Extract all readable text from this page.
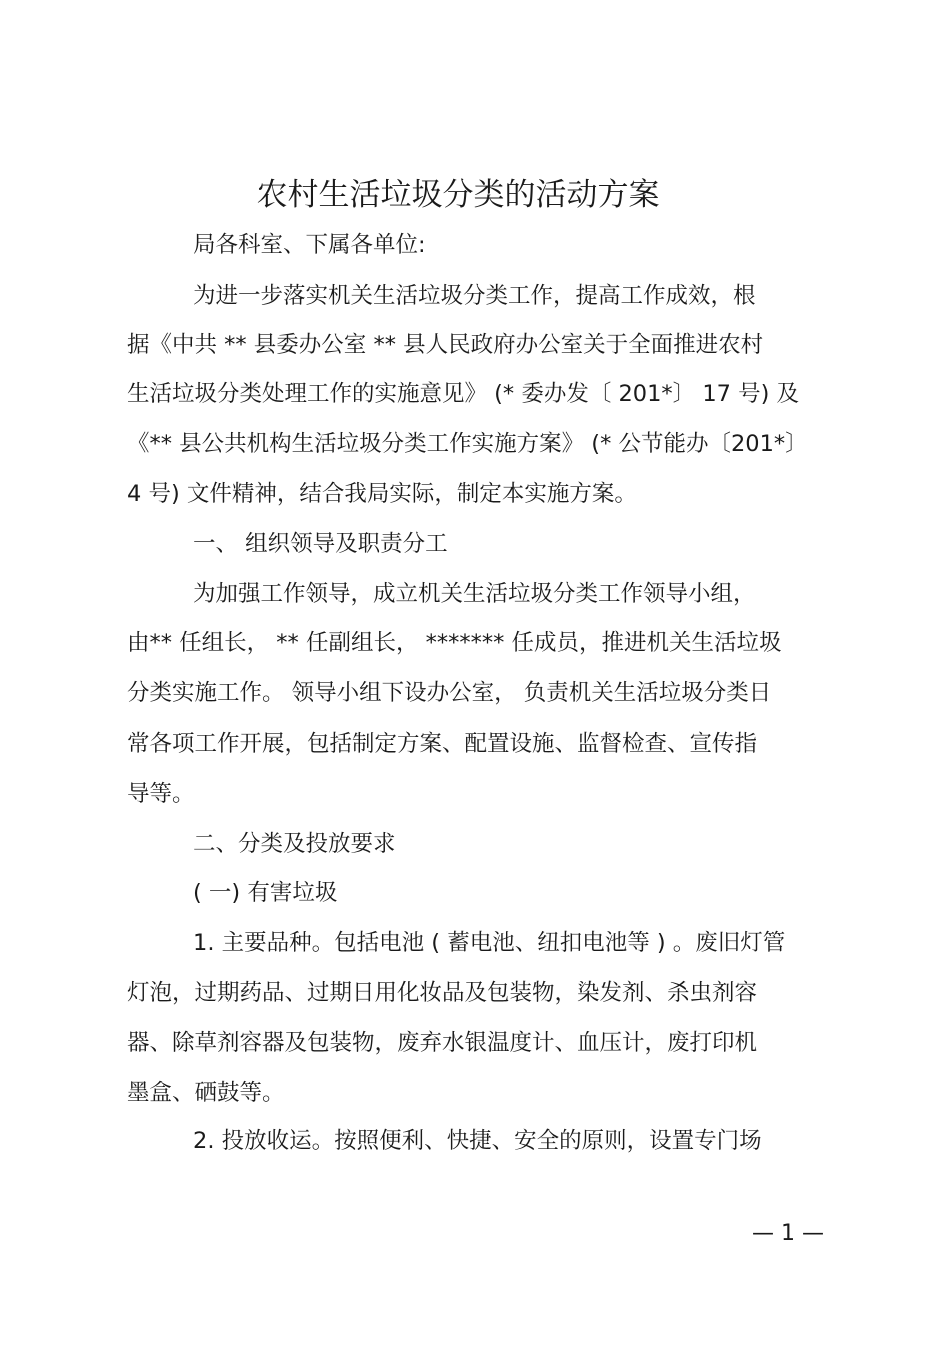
农村生活垃圾分类的活动方案
局各科室、下属各单位:
为进一步落实机关生活垃圾分类工作，提高工作成效，根
据《中共 ** 县委办公室 ** 县人民政府办公室关于全面推进农村
生活垃圾分类处理工作的实施意见》 (* 委办发〔 201*〕 17 号) 及
《** 县公共机构生活垃圾分类工作实施方案》 (* 公节能办〔201*〕
4 号) 文件精神，结合我局实际，制定本实施方案。
一、 组织领导及职责分工
为加强工作领导，成立机关生活垃圾分类工作领导小组，
由** 任组长， ** 任副组长， ******* 任成员，推进机关生活垃圾
分类实施工作。 领导小组下设办公室， 负责机关生活垃圾分类日
常各项工作开展，包括制定方案、配置设施、监督检查、宣传指
导等。
二、分类及投放要求
( 一) 有害垃圾
1. 主要品种。包括电池 ( 蓄电池、纽扣电池等 ) 。废旧灯管
灯泡，过期药品、过期日用化妆品及包装物，染发剂、杀虫剂容
器、除草剂容器及包装物，废弃水银温度计、血压计，废打印机
墨盒、硒鼓等。
2. 投放收运。按照便利、快捷、安全的原则，设置专门场
— 1 —
